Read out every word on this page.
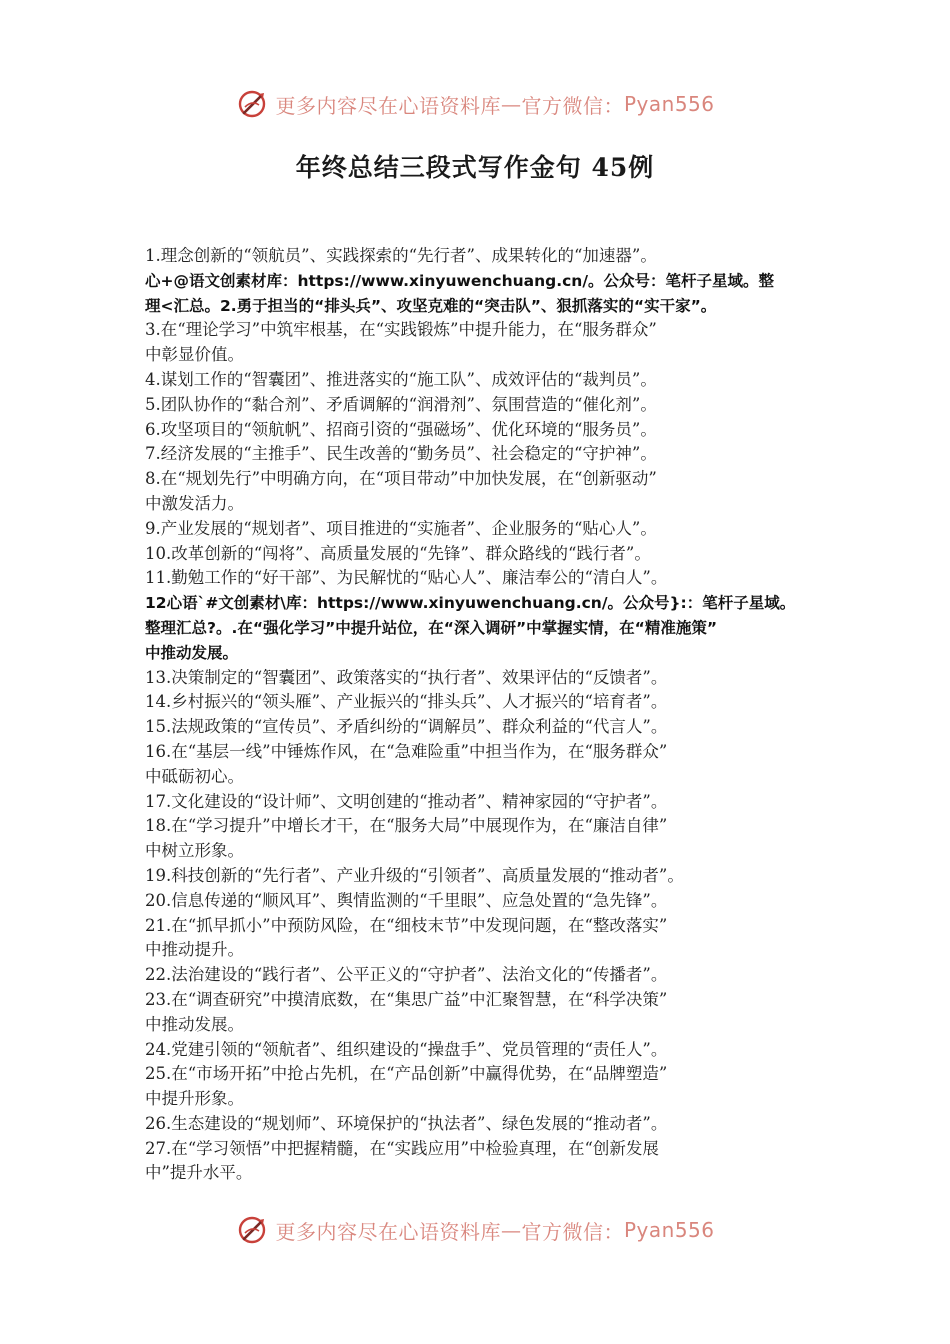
更多内容尽在心语资料库 — 官方微信： Pyan556
年终总结三段式写作金句 45例
1.理念创新的“领航员”、实践探索的“先行者”、成果转化的“加速器”。
心+@语文创素材库：https://www.xinyuwenchuang.cn/。公众号：笔杆子星域。整
理<汇总。2.勇于担当的“排头兵”、攻坚克难的“突击队”、狠抓落实的“实干家”。
3.在“理论学习”中筑牢根基，在“实践锻炼”中提升能力，在“服务群众”
中彰显价值。
4.谋划工作的“智囊团”、推进落实的“施工队”、成效评估的“裁判员”。
5.团队协作的“黏合剂”、矛盾调解的“润滑剂”、氛围营造的“催化剂”。
6.攻坚项目的“领航帆”、招商引资的“强磁场”、优化环境的“服务员”。
7.经济发展的“主推手”、民生改善的“勤务员”、社会稳定的“守护神”。
8.在“规划先行”中明确方向，在“项目带动”中加快发展，在“创新驱动”
中激发活力。
9.产业发展的“规划者”、项目推进的“实施者”、企业服务的“贴心人”。
10.改革创新的“闯将”、高质量发展的“先锋”、群众路线的“践行者”。
11.勤勉工作的“好干部”、为民解忧的“贴心人”、廉洁奉公的“清白人”。
12心语`#文创素材\库：https://www.xinyuwenchuang.cn/。公众号}:：笔杆子星域。
整理汇总?。.在“强化学习”中提升站位，在“深入调研”中掌握实情，在“精准施策”
中推动发展。
13.决策制定的“智囊团”、政策落实的“执行者”、效果评估的“反馈者”。
14.乡村振兴的“领头雁”、产业振兴的“排头兵”、人才振兴的“培育者”。
15.法规政策的“宣传员”、矛盾纠纷的“调解员”、群众利益的“代言人”。
16.在“基层一线”中锤炼作风，在“急难险重”中担当作为，在“服务群众”
中砥砺初心。
17.文化建设的“设计师”、文明创建的“推动者”、精神家园的“守护者”。
18.在“学习提升”中增长才干，在“服务大局”中展现作为，在“廉洁自律”
中树立形象。
19.科技创新的“先行者”、产业升级的“引领者”、高质量发展的“推动者”。
20.信息传递的“顺风耳”、舆情监测的“千里眼”、应急处置的“急先锋”。
21.在“抓早抓小”中预防风险，在“细枝末节”中发现问题，在“整改落实”
中推动提升。
22.法治建设的“践行者”、公平正义的“守护者”、法治文化的“传播者”。
23.在“调查研究”中摸清底数，在“集思广益”中汇聚智慧，在“科学决策”
中推动发展。
24.党建引领的“领航者”、组织建设的“操盘手”、党员管理的“责任人”。
25.在“市场开拓”中抢占先机，在“产品创新”中赢得优势，在“品牌塑造”
中提升形象。
26.生态建设的“规划师”、环境保护的“执法者”、绿色发展的“推动者”。
27.在“学习领悟”中把握精髓，在“实践应用”中检验真理，在“创新发展
中”提升水平。
更多内容尽在心语资料库 — 官方微信： Pyan556
